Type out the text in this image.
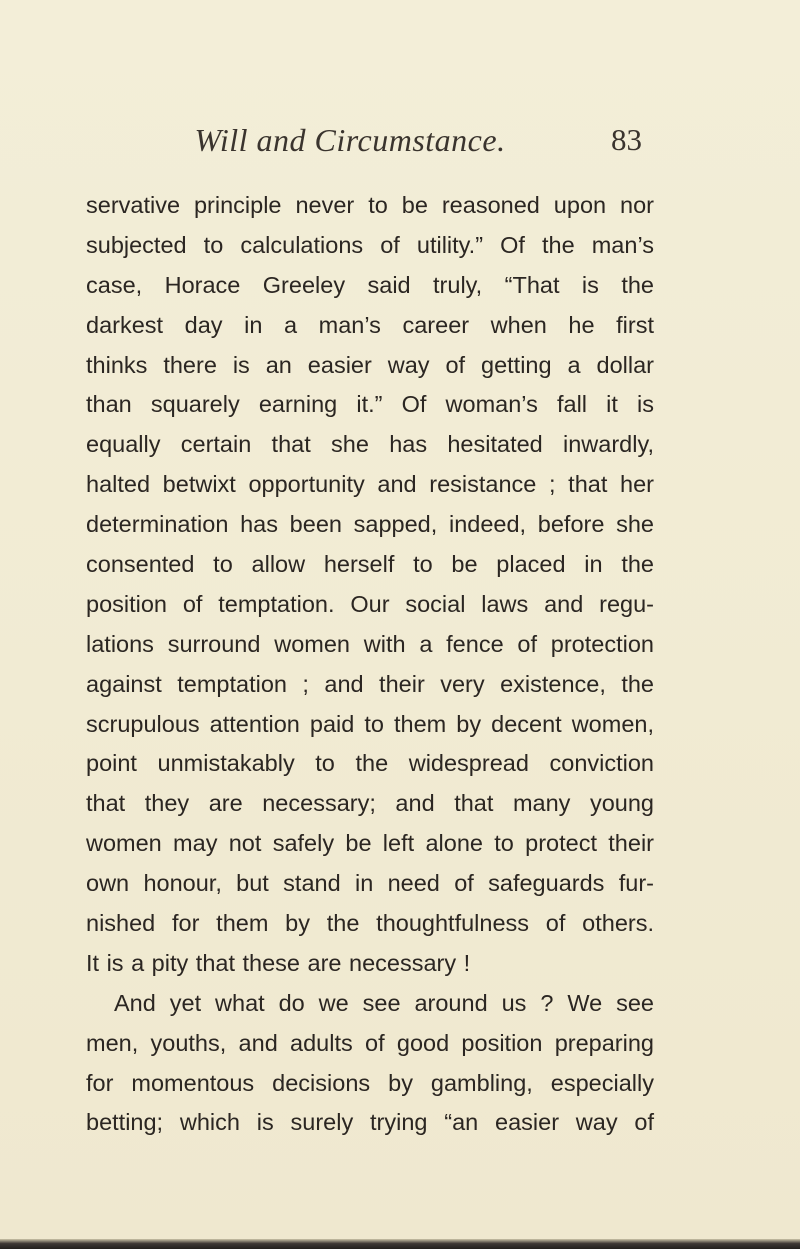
Will and Circumstance.	83
servative principle never to be reasoned upon nor
subjected to calculations of utility.” Of the man’s
case, Horace Greeley said truly, “That is the
darkest day in a man’s career when he first
thinks there is an easier way of getting a dollar
than squarely earning it.” Of woman’s fall it is
equally certain that she has hesitated inwardly,
halted betwixt opportunity and resistance ; that her
determination has been sapped, indeed, before she
consented to allow herself to be placed in the
position of temptation. Our social laws and regu-
lations surround women with a fence of protection
against temptation ; and their very existence, the
scrupulous attention paid to them by decent women,
point unmistakably to the widespread conviction
that they are necessary; and that many young
women may not safely be left alone to protect their
own honour, but stand in need of safeguards fur-
nished for them by the thoughtfulness of others.
It is a pity that these are necessary !
And yet what do we see around us ? We see
men, youths, and adults of good position preparing
for momentous decisions by gambling, especially
betting; which is surely trying “an easier way of
